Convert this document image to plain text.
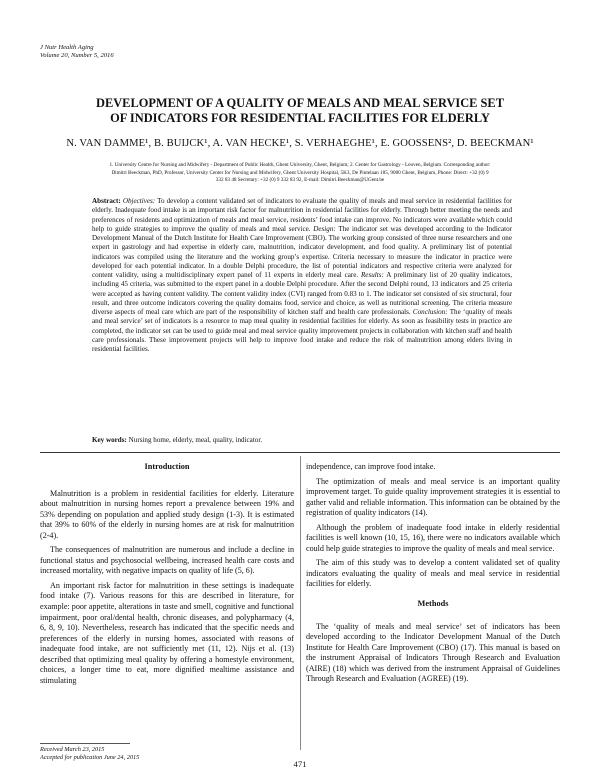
J Nutr Health Aging
Volume 20, Number 5, 2016
DEVELOPMENT OF A QUALITY OF MEALS AND MEAL SERVICE SET
OF INDICATORS FOR RESIDENTIAL FACILITIES FOR ELDERLY
N. VAN DAMME¹, B. BUIJCK¹, A. VAN HECKE¹, S. VERHAEGHE¹, E. GOOSSENS², D. BEECKMAN¹
1. University Centre for Nursing and Midwifery - Department of Public Health, Ghent University, Ghent, Belgium; 2. Center for Gastrology - Leuven, Belgium. Corresponding author:
Dimitri Beeckman, PhD, Professor, University Center for Nursing and Midwifery, Ghent University Hospital, 5K3, De Pintelaan 185, 9000 Ghent, Belgium, Phone: Direct: +32 (0) 9
332 83 48 Secretary: +32 (0) 9 332 83 92, E-mail: Dimitri.Beeckman@UGent.be
Abstract: Objectives: To develop a content validated set of indicators to evaluate the quality of meals and meal service in residential facilities for elderly. Inadequate food intake is an important risk factor for malnutrition in residential facilities for elderly. Through better meeting the needs and preferences of residents and optimization of meals and meal service, residents’ food intake can improve. No indicators were available which could help to guide strategies to improve the quality of meals and meal service. Design: The indicator set was developed according to the Indicator Development Manual of the Dutch Institute for Health Care Improvement (CBO). The working group consisted of three nurse researchers and one expert in gastrology and had expertise in elderly care, malnutrition, indicator development, and food quality. A preliminary list of potential indicators was compiled using the literature and the working group’s expertise. Criteria necessary to measure the indicator in practice were developed for each potential indicator. In a double Delphi procedure, the list of potential indicators and respective criteria were analyzed for content validity, using a multidisciplinary expert panel of 11 experts in elderly meal care. Results: A preliminary list of 20 quality indicators, including 45 criteria, was submitted to the expert panel in a double Delphi procedure. After the second Delphi round, 13 indicators and 25 criteria were accepted as having content validity. The content validity index (CVI) ranged from 0.83 to 1. The indicator set consisted of six structural, four result, and three outcome indicators covering the quality domains food, service and choice, as well as nutritional screening. The criteria measure diverse aspects of meal care which are part of the responsibility of kitchen staff and health care professionals. Conclusion: The ‘quality of meals and meal service’ set of indicators is a resource to map meal quality in residential facilities for elderly. As soon as feasibility tests in practice are completed, the indicator set can be used to guide meal and meal service quality improvement projects in collaboration with kitchen staff and health care professionals. These improvement projects will help to improve food intake and reduce the risk of malnutrition among elders living in residential facilities.
Key words: Nursing home, elderly, meal, quality, indicator.
Introduction

Malnutrition is a problem in residential facilities for elderly. Literature about malnutrition in nursing homes report a prevalence between 19% and 53% depending on population and applied study design (1-3). It is estimated that 39% to 60% of the elderly in nursing homes are at risk for malnutrition (2-4).

The consequences of malnutrition are numerous and include a decline in functional status and psychosocial wellbeing, increased health care costs and increased mortality, with negative impacts on quality of life (5, 6).

An important risk factor for malnutrition in these settings is inadequate food intake (7). Various reasons for this are described in literature, for example: poor appetite, alterations in taste and smell, cognitive and functional impairment, poor oral/dental health, chronic diseases, and polypharmacy (4, 6, 8, 9, 10). Nevertheless, research has indicated that the specific needs and preferences of the elderly in nursing homes, associated with reasons of inadequate food intake, are not sufficiently met (11, 12). Nijs et al. (13) described that optimizing meal quality by offering a homestyle environment, choices, a longer time to eat, more dignified mealtime assistance and stimulating

independence, can improve food intake.

The optimization of meals and meal service is an important quality improvement target. To guide quality improvement strategies it is essential to gather valid and reliable information. This information can be obtained by the registration of quality indicators (14).

Although the problem of inadequate food intake in elderly residential facilities is well known (10, 15, 16), there were no indicators available which could help guide strategies to improve the quality of meals and meal service.

The aim of this study was to develop a content validated set of quality indicators evaluating the quality of meals and meal service in residential facilities for elderly.

Methods

The ‘quality of meals and meal service’ set of indicators has been developed according to the Indicator Development Manual of the Dutch Institute for Health Care Improvement (CBO) (17). This manual is based on the instrument Appraisal of Indicators Through Research and Evaluation (AIRE) (18) which was derived from the instrument Appraisal of Guidelines Through Research and Evaluation (AGREE) (19).

Received March 23, 2015
Accepted for publication June 24, 2015
471
